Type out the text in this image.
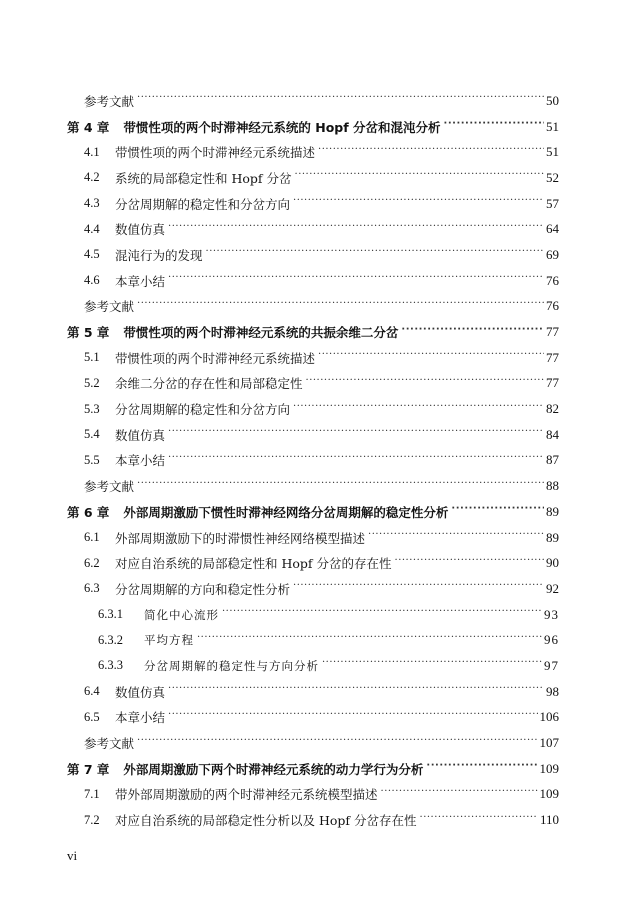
参考文献 ·····	50
第 4 章 带惯性项的两个时滞神经元系统的 Hopf 分岔和混沌分析 ·····	51
4.1	带惯性项的两个时滞神经元系统描述 ·····	51
4.2	系统的局部稳定性和 Hopf 分岔 ·····	52
4.3	分岔周期解的稳定性和分岔方向 ·····	57
4.4	数值仿真 ·····	64
4.5	混沌行为的发现 ·····	69
4.6	本章小结 ·····	76
参考文献 ·····	76
第 5 章 带惯性项的两个时滞神经元系统的共振余维二分岔 ·····	77
5.1	带惯性项的两个时滞神经元系统描述 ·····	77
5.2	余维二分岔的存在性和局部稳定性 ·····	77
5.3	分岔周期解的稳定性和分岔方向 ·····	82
5.4	数值仿真 ·····	84
5.5	本章小结 ·····	87
参考文献 ·····	88
第 6 章 外部周期激励下惯性时滞神经网络分岔周期解的稳定性分析 ·····	89
6.1	外部周期激励下的时滞惯性神经网络模型描述 ·····	89
6.2	对应自治系统的局部稳定性和 Hopf 分岔的存在性 ·····	90
6.3	分岔周期解的方向和稳定性分析 ·····	92
6.3.1	简化中心流形 ·····	93
6.3.2	平均方程 ·····	96
6.3.3	分岔周期解的稳定性与方向分析 ·····	97
6.4	数值仿真 ·····	98
6.5	本章小结 ·····	106
参考文献 ·····	107
第 7 章 外部周期激励下两个时滞神经元系统的动力学行为分析 ·····	109
7.1	带外部周期激励的两个时滞神经元系统模型描述 ·····	109
7.2	对应自治系统的局部稳定性分析以及 Hopf 分岔存在性 ·····	110
vi
